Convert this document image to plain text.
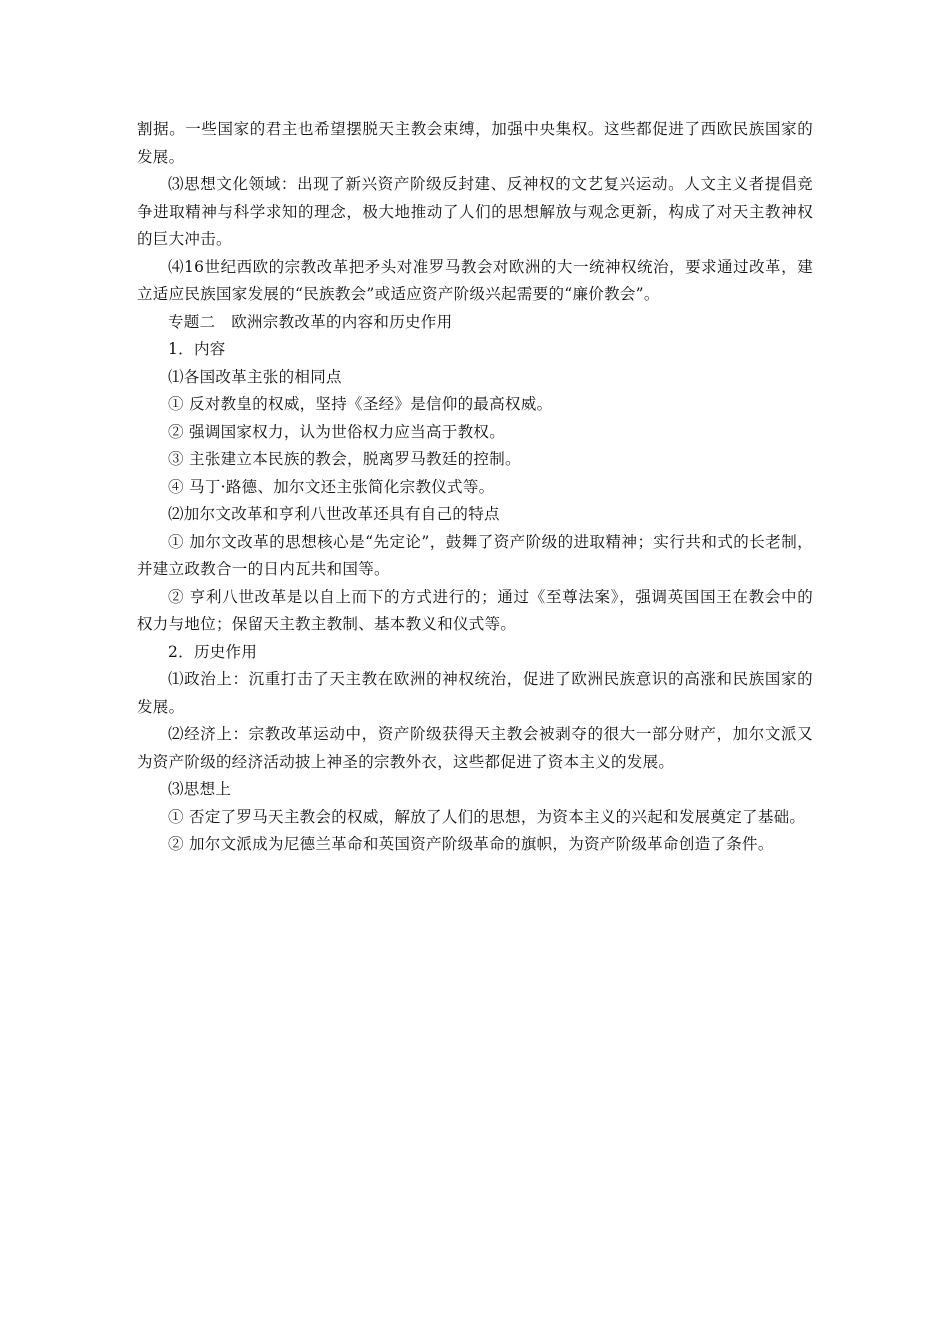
割据。一些国家的君主也希望摆脱天主教会束缚，加强中央集权。这些都促进了西欧民族国家的发展。

⑶思想文化领域：出现了新兴资产阶级反封建、反神权的文艺复兴运动。人文主义者提倡竞争进取精神与科学求知的理念，极大地推动了人们的思想解放与观念更新，构成了对天主教神权的巨大冲击。

⑷16世纪西欧的宗教改革把矛头对准罗马教会对欧洲的大一统神权统治，要求通过改革，建立适应民族国家发展的“民族教会”或适应资产阶级兴起需要的“廉价教会”。

专题二　欧洲宗教改革的内容和历史作用

1．内容

⑴各国改革主张的相同点

① 反对教皇的权威，坚持《圣经》是信仰的最高权威。

② 强调国家权力，认为世俗权力应当高于教权。

③ 主张建立本民族的教会，脱离罗马教廷的控制。

④ 马丁·路德、加尔文还主张简化宗教仪式等。

⑵加尔文改革和亨利八世改革还具有自己的特点

① 加尔文改革的思想核心是“先定论”，鼓舞了资产阶级的进取精神；实行共和式的长老制，并建立政教合一的日内瓦共和国等。

② 亨利八世改革是以自上而下的方式进行的；通过《至尊法案》，强调英国国王在教会中的权力与地位；保留天主教主教制、基本教义和仪式等。

2．历史作用

⑴政治上：沉重打击了天主教在欧洲的神权统治，促进了欧洲民族意识的高涨和民族国家的发展。

⑵经济上：宗教改革运动中，资产阶级获得天主教会被剥夺的很大一部分财产，加尔文派又为资产阶级的经济活动披上神圣的宗教外衣，这些都促进了资本主义的发展。

⑶思想上

① 否定了罗马天主教会的权威，解放了人们的思想，为资本主义的兴起和发展奠定了基础。

② 加尔文派成为尼德兰革命和英国资产阶级革命的旗帜，为资产阶级革命创造了条件。
